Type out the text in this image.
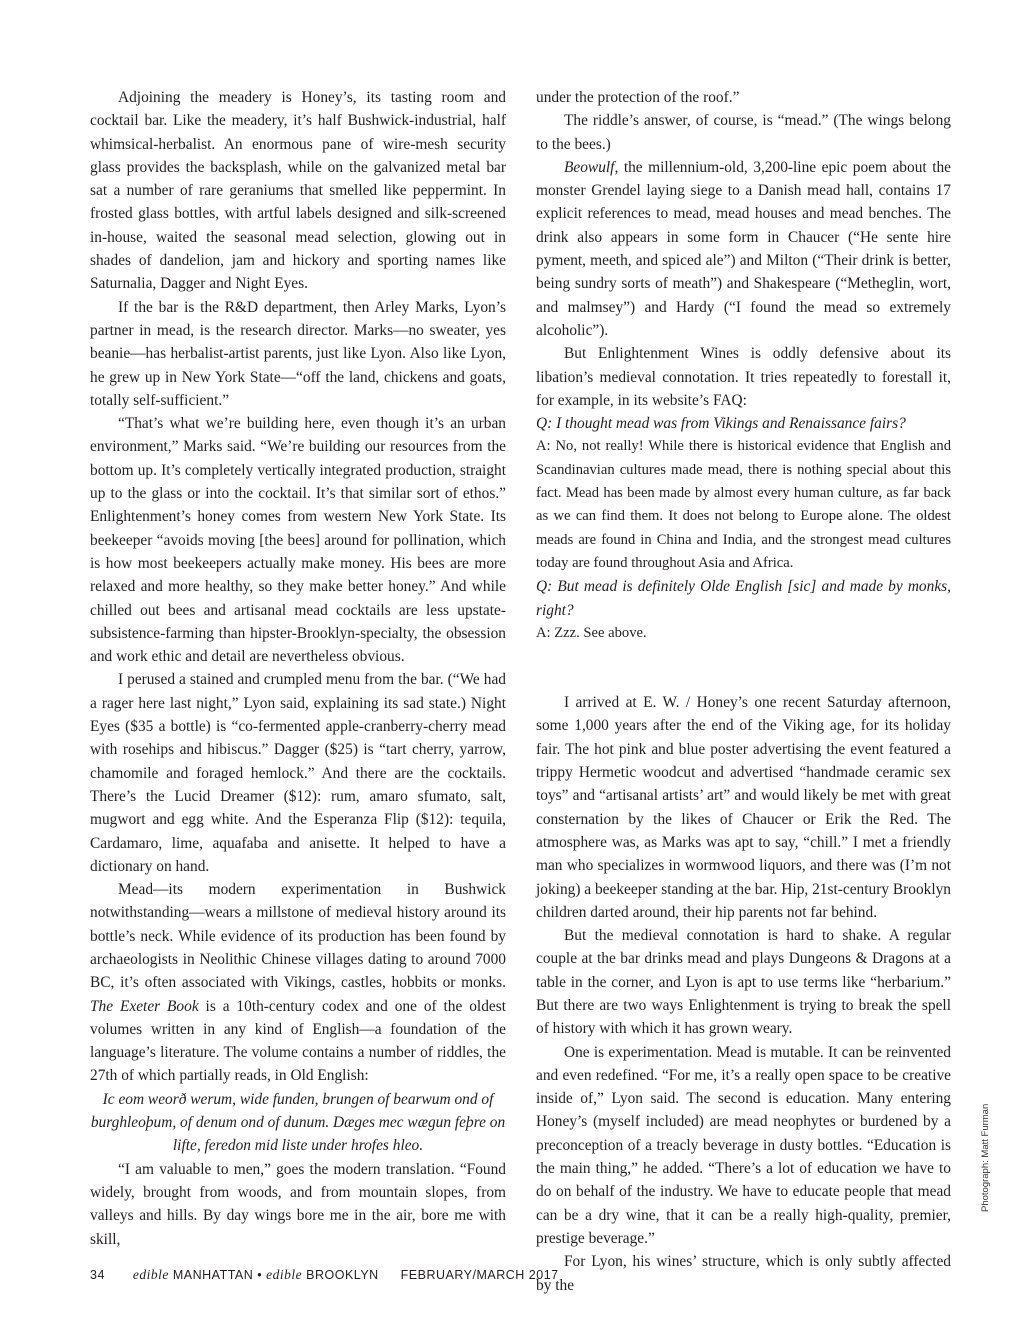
Adjoining the meadery is Honey’s, its tasting room and cocktail bar. Like the meadery, it’s half Bushwick-industrial, half whimsical-herbalist. An enormous pane of wire-mesh security glass provides the backsplash, while on the galvanized metal bar sat a number of rare geraniums that smelled like peppermint. In frosted glass bottles, with artful labels designed and silk-screened in-house, waited the seasonal mead selection, glowing out in shades of dandelion, jam and hickory and sporting names like Saturnalia, Dagger and Night Eyes.

If the bar is the R&D department, then Arley Marks, Lyon’s partner in mead, is the research director. Marks—no sweater, yes beanie—has herbalist-artist parents, just like Lyon. Also like Lyon, he grew up in New York State—“off the land, chickens and goats, totally self-sufficient.”

“That’s what we’re building here, even though it’s an urban environment,” Marks said. “We’re building our resources from the bottom up. It’s completely vertically integrated production, straight up to the glass or into the cocktail. It’s that similar sort of ethos.” Enlightenment’s honey comes from western New York State. Its beekeeper “avoids moving [the bees] around for pollination, which is how most beekeepers actually make money. His bees are more relaxed and more healthy, so they make better honey.” And while chilled out bees and artisanal mead cocktails are less upstate-subsistence-farming than hipster-Brooklyn-specialty, the obsession and work ethic and detail are nevertheless obvious.

I perused a stained and crumpled menu from the bar. (“We had a rager here last night,” Lyon said, explaining its sad state.) Night Eyes ($35 a bottle) is “co-fermented apple-cranberry-cherry mead with rosehips and hibiscus.” Dagger ($25) is “tart cherry, yarrow, chamomile and foraged hemlock.” And there are the cocktails. There’s the Lucid Dreamer ($12): rum, amaro sfumato, salt, mugwort and egg white. And the Esperanza Flip ($12): tequila, Cardamaro, lime, aquafaba and anisette. It helped to have a dictionary on hand.

Mead—its modern experimentation in Bushwick notwithstanding—wears a millstone of medieval history around its bottle’s neck. While evidence of its production has been found by archaeologists in Neolithic Chinese villages dating to around 7000 BC, it’s often associated with Vikings, castles, hobbits or monks. The Exeter Book is a 10th-century codex and one of the oldest volumes written in any kind of English—a foundation of the language’s literature. The volume contains a number of riddles, the 27th of which partially reads, in Old English:

Ic eom weorð werum, wide funden, brungen of bearwum ond of burghleoþum, of denum ond of dunum. Dæges mec wægun feþre on lifte, feredon mid liste under hrofes hleo.

“I am valuable to men,” goes the modern translation. “Found widely, brought from woods, and from mountain slopes, from valleys and hills. By day wings bore me in the air, bore me with skill,

under the protection of the roof.”

The riddle’s answer, of course, is “mead.” (The wings belong to the bees.)

Beowulf, the millennium-old, 3,200-line epic poem about the monster Grendel laying siege to a Danish mead hall, contains 17 explicit references to mead, mead houses and mead benches. The drink also appears in some form in Chaucer (“He sente hire pyment, meeth, and spiced ale”) and Milton (“Their drink is better, being sundry sorts of meath”) and Shakespeare (“Metheglin, wort, and malmsey”) and Hardy (“I found the mead so extremely alcoholic”).

But Enlightenment Wines is oddly defensive about its libation’s medieval connotation. It tries repeatedly to forestall it, for example, in its website’s FAQ:

Q: I thought mead was from Vikings and Renaissance fairs?

A: No, not really! While there is historical evidence that English and Scandinavian cultures made mead, there is nothing special about this fact. Mead has been made by almost every human culture, as far back as we can find them. It does not belong to Europe alone. The oldest meads are found in China and India, and the strongest mead cultures today are found throughout Asia and Africa.

Q: But mead is definitely Olde English [sic] and made by monks, right?

A: Zzz. See above.

I arrived at E. W. / Honey’s one recent Saturday afternoon, some 1,000 years after the end of the Viking age, for its holiday fair. The hot pink and blue poster advertising the event featured a trippy Hermetic woodcut and advertised “handmade ceramic sex toys” and “artisanal artists’ art” and would likely be met with great consternation by the likes of Chaucer or Erik the Red. The atmosphere was, as Marks was apt to say, “chill.” I met a friendly man who specializes in wormwood liquors, and there was (I’m not joking) a beekeeper standing at the bar. Hip, 21st-century Brooklyn children darted around, their hip parents not far behind.

But the medieval connotation is hard to shake. A regular couple at the bar drinks mead and plays Dungeons & Dragons at a table in the corner, and Lyon is apt to use terms like “herbarium.” But there are two ways Enlightenment is trying to break the spell of history with which it has grown weary.

One is experimentation. Mead is mutable. It can be reinvented and even redefined. “For me, it’s a really open space to be creative inside of,” Lyon said. The second is education. Many entering Honey’s (myself included) are mead neophytes or burdened by a preconception of a treacly beverage in dusty bottles. “Education is the main thing,” he added. “There’s a lot of education we have to do on behalf of the industry. We have to educate people that mead can be a dry wine, that it can be a really high-quality, premier, prestige beverage.”

For Lyon, his wines’ structure, which is only subtly affected by the

34 edible MANHATTAN • edible BROOKLYN FEBRUARY/MARCH 2017
Photograph: Matt Furman
